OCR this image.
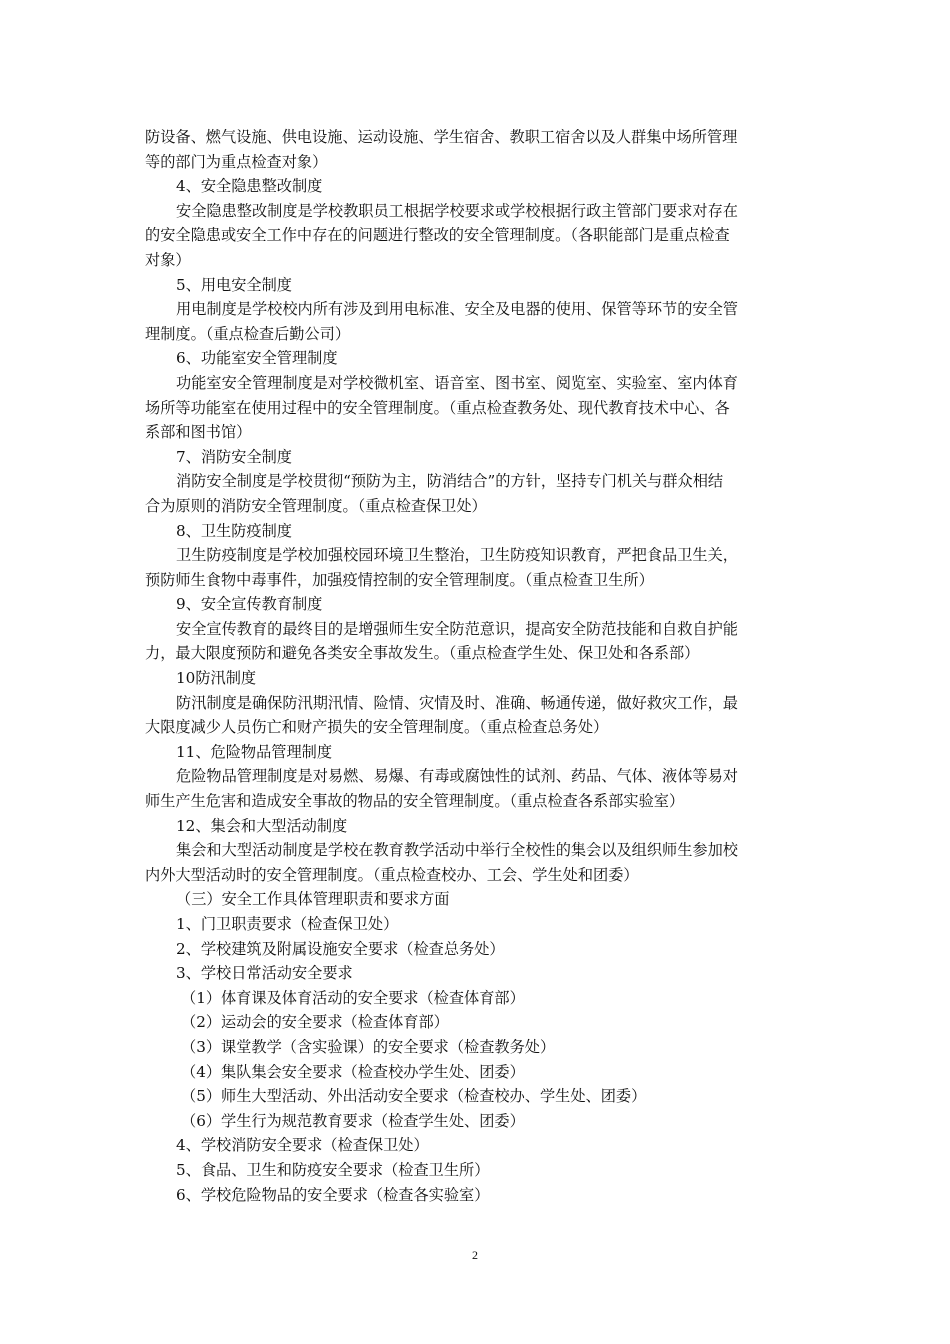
防设备、燃气设施、供电设施、运动设施、学生宿舍、教职工宿舍以及人群集中场所管理
等的部门为重点检查对象）
4、安全隐患整改制度
安全隐患整改制度是学校教职员工根据学校要求或学校根据行政主管部门要求对存在
的安全隐患或安全工作中存在的问题进行整改的安全管理制度。（各职能部门是重点检查
对象）
5、用电安全制度
用电制度是学校校内所有涉及到用电标准、安全及电器的使用、保管等环节的安全管
理制度。（重点检查后勤公司）
6、功能室安全管理制度
功能室安全管理制度是对学校微机室、语音室、图书室、阅览室、实验室、室内体育
场所等功能室在使用过程中的安全管理制度。（重点检查教务处、现代教育技术中心、各
系部和图书馆）
7、消防安全制度
消防安全制度是学校贯彻“预防为主，防消结合”的方针，坚持专门机关与群众相结
合为原则的消防安全管理制度。（重点检查保卫处）
8、卫生防疫制度
卫生防疫制度是学校加强校园环境卫生整治，卫生防疫知识教育，严把食品卫生关，
预防师生食物中毒事件，加强疫情控制的安全管理制度。（重点检查卫生所）
9、安全宣传教育制度
安全宣传教育的最终目的是增强师生安全防范意识，提高安全防范技能和自救自护能
力，最大限度预防和避免各类安全事故发生。（重点检查学生处、保卫处和各系部）
10防汛制度
防汛制度是确保防汛期汛情、险情、灾情及时、准确、畅通传递，做好救灾工作，最
大限度减少人员伤亡和财产损失的安全管理制度。（重点检查总务处）
11、危险物品管理制度
危险物品管理制度是对易燃、易爆、有毒或腐蚀性的试剂、药品、气体、液体等易对
师生产生危害和造成安全事故的物品的安全管理制度。（重点检查各系部实验室）
12、集会和大型活动制度
集会和大型活动制度是学校在教育教学活动中举行全校性的集会以及组织师生参加校
内外大型活动时的安全管理制度。（重点检查校办、工会、学生处和团委）
（三）安全工作具体管理职责和要求方面
1、门卫职责要求（检查保卫处）
2、学校建筑及附属设施安全要求（检查总务处）
3、学校日常活动安全要求
（1）体育课及体育活动的安全要求（检查体育部）
（2）运动会的安全要求（检查体育部）
（3）课堂教学（含实验课）的安全要求（检查教务处）
（4）集队集会安全要求（检查校办学生处、团委）
（5）师生大型活动、外出活动安全要求（检查校办、学生处、团委）
（6）学生行为规范教育要求（检查学生处、团委）
4、学校消防安全要求（检查保卫处）
5、食品、卫生和防疫安全要求（检查卫生所）
6、学校危险物品的安全要求（检查各实验室）
2
